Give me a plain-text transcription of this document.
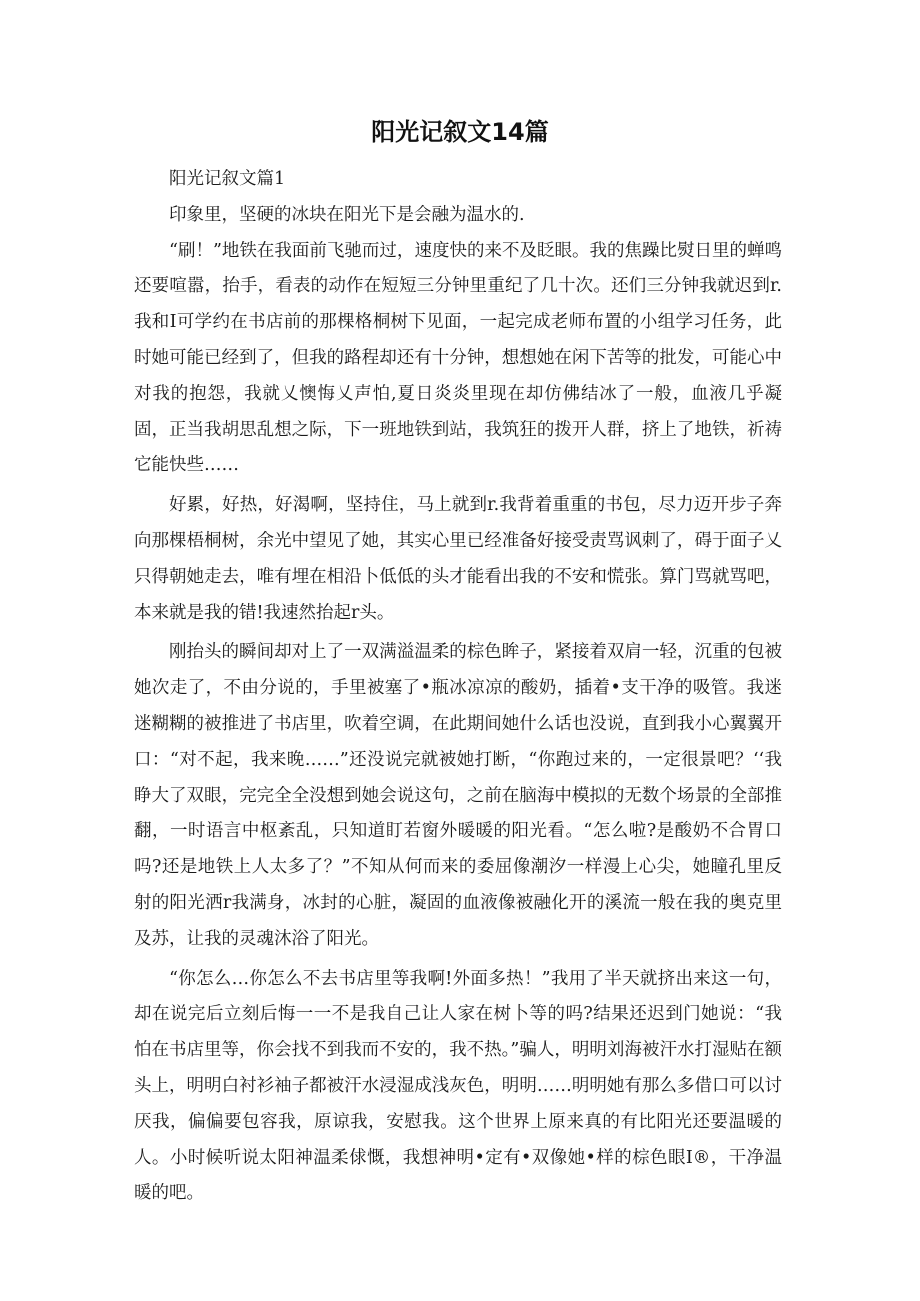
阳光记叙文14篇

阳光记叙文篇1

印象里，坚硬的冰块在阳光下是会融为温水的.

“刷！”地铁在我面前飞驰而过，速度快的来不及眨眼。我的焦躁比熨日里的蝉鸣还要喧嚣，抬手，看表的动作在短短三分钟里重纪了几十次。还们三分钟我就迟到r.我和I可学约在书店前的那棵格桐树下见面，一起完成老师布置的小组学习任务，此时她可能已经到了，但我的路程却还有十分钟，想想她在闲下苦等的批发，可能心中对我的抱怨，我就乂懊悔乂声怕,夏日炎炎里现在却仿佛结冰了一般，血液几乎凝固，正当我胡思乱想之际，下一班地铁到站，我筑狂的拨开人群，挤上了地铁，祈祷它能快些……

好累，好热，好渴啊，坚持住，马上就到r.我背着重重的书包，尽力迈开步子奔向那棵梧桐树，余光中望见了她，其实心里已经准备好接受责骂讽刺了，碍于面子乂只得朝她走去，唯有埋在相沿卜低低的头才能看出我的不安和慌张。算门骂就骂吧，本来就是我的错!我速然抬起r头。

刚抬头的瞬间却对上了一双满溢温柔的棕色眸子，紧接着双肩一轻，沉重的包被她次走了，不由分说的，手里被塞了•瓶冰凉凉的酸奶，插着•支干净的吸管。我迷迷糊糊的被推进了书店里，吹着空调，在此期间她什么话也没说，直到我小心翼翼开口：“对不起，我来晚……”还没说完就被她打断，“你跑过来的，一定很景吧？‘‘我睁大了双眼，完完全全没想到她会说这句，之前在脑海中模拟的无数个场景的全部推翻，一时语言中枢紊乱，只知道盯若窗外暖暖的阳光看。“怎么啦?是酸奶不合胃口吗?还是地铁上人太多了？”不知从何而来的委屈像潮汐一样漫上心尖，她瞳孔里反射的阳光洒r我满身，冰封的心脏，凝固的血液像被融化开的溪流一般在我的奥克里及苏，让我的灵魂沐浴了阳光。

“你怎么…你怎么不去书店里等我啊!外面多热！”我用了半天就挤出来这一句，却在说完后立刻后悔一一不是我自己让人家在树卜等的吗?结果还迟到门她说：“我怕在书店里等，你会找不到我而不安的，我不热。”骗人，明明刘海被汗水打湿贴在额头上，明明白衬衫袖子都被汗水浸湿成浅灰色，明明……明明她有那么多借口可以讨厌我，偏偏要包容我，原谅我，安慰我。这个世界上原来真的有比阳光还要温暖的人。小时候听说太阳神温柔俅慨，我想神明•定有•双像她•样的棕色眼I®，干净温暖的吧。
